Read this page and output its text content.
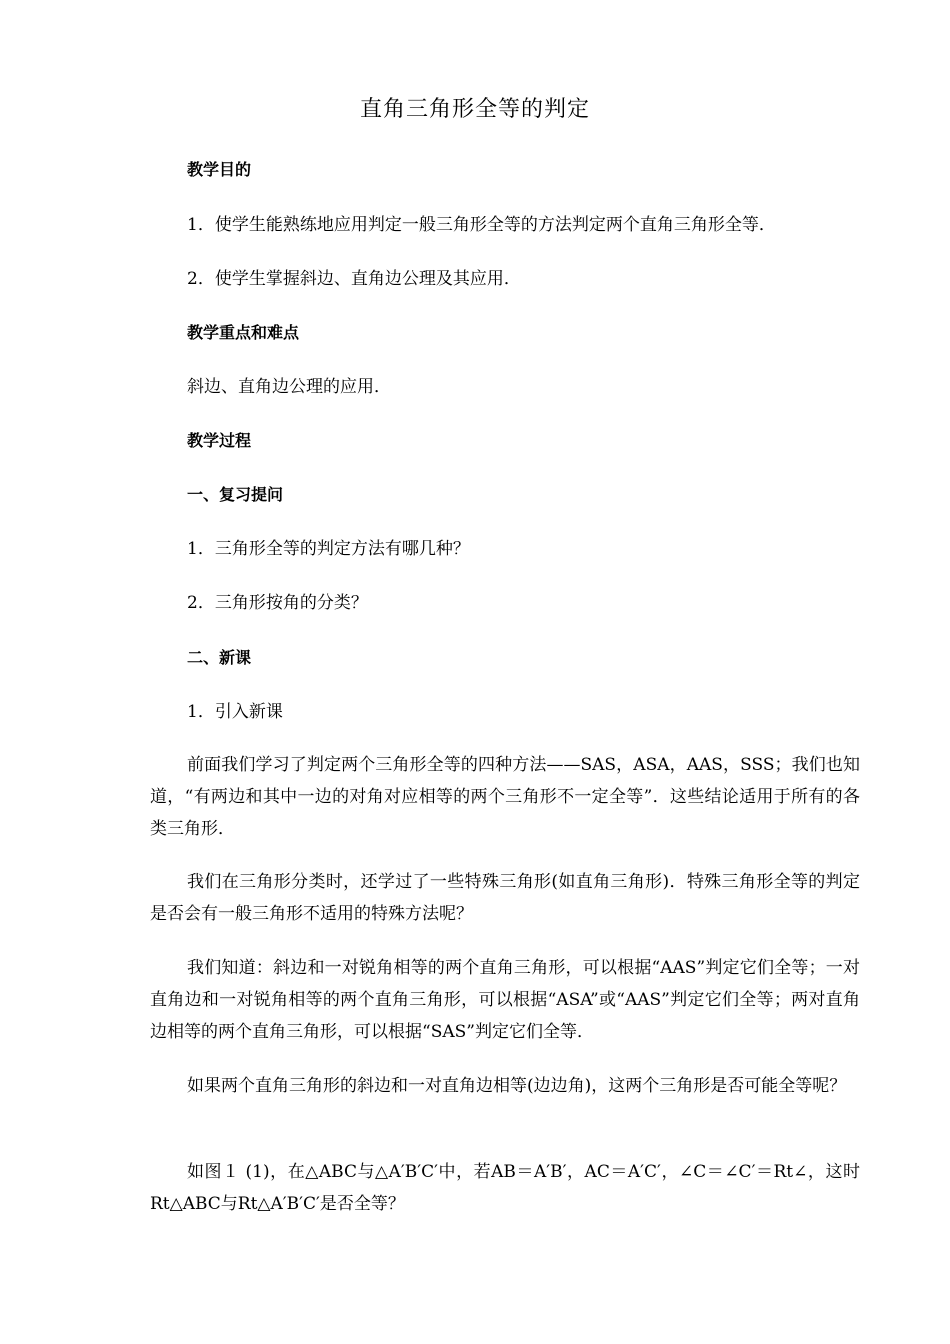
直角三角形全等的判定
教学目的
1．使学生能熟练地应用判定一般三角形全等的方法判定两个直角三角形全等．
2．使学生掌握斜边、直角边公理及其应用．
教学重点和难点
斜边、直角边公理的应用．
教学过程
一、复习提问
1．三角形全等的判定方法有哪几种？
2．三角形按角的分类？
二、新课
1．引入新课
前面我们学习了判定两个三角形全等的四种方法——SAS，ASA，AAS，SSS；我们也知道，“有两边和其中一边的对角对应相等的两个三角形不一定全等”．这些结论适用于所有的各类三角形．
我们在三角形分类时，还学过了一些特殊三角形(如直角三角形)．特殊三角形全等的判定是否会有一般三角形不适用的特殊方法呢？
我们知道：斜边和一对锐角相等的两个直角三角形，可以根据“AAS”判定它们全等；一对直角边和一对锐角相等的两个直角三角形，可以根据“ASA”或“AAS”判定它们全等；两对直角边相等的两个直角三角形，可以根据“SAS”判定它们全等．
如果两个直角三角形的斜边和一对直角边相等(边边角)，这两个三角形是否可能全等呢？
如图１ (1)，在△ABC与△A′B′C′中，若AB＝A′B′，AC＝A′C′，∠C＝∠C′＝Rt∠，这时Rt△ABC与Rt△A′B′C′是否全等？
